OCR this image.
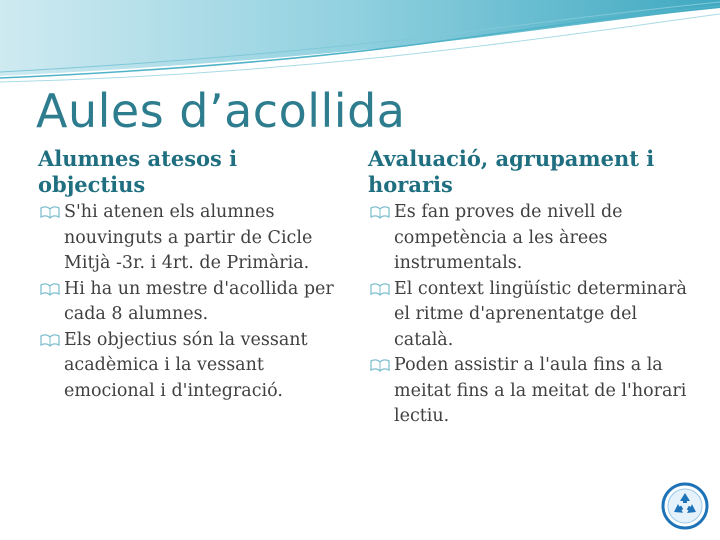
Aules d’acollida
Alumnes atesos i objectius
S'hi atenen els alumnes nouvinguts a partir de Cicle Mitjà -3r. i 4rt. de Primària.
Hi ha un mestre d'acollida per cada 8 alumnes.
Els objectius són la vessant acadèmica i la vessant emocional i d'integració.
Avaluació, agrupament i horaris
Es fan proves de nivell de competència a les àrees instrumentals.
El context lingüístic determinarà el ritme d'aprenentatge del català.
Poden assistir a l'aula fins a la meitat fins a la meitat de l'horari lectiu.
